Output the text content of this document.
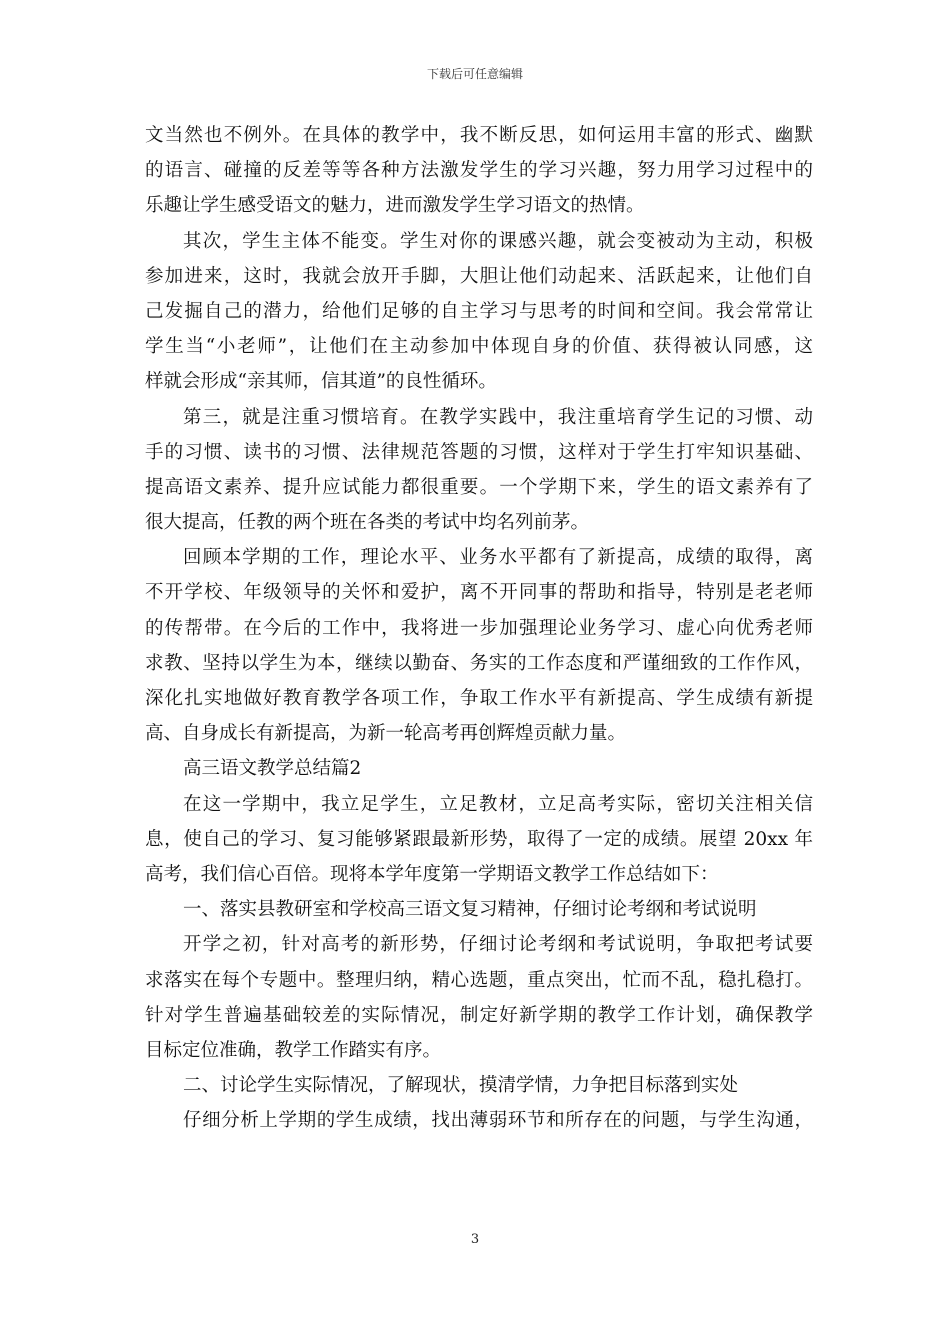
下载后可任意编辑
文当然也不例外。在具体的教学中，我不断反思，如何运用丰富的形式、幽默
的语言、碰撞的反差等等各种方法激发学生的学习兴趣，努力用学习过程中的
乐趣让学生感受语文的魅力，进而激发学生学习语文的热情。
其次，学生主体不能变。学生对你的课感兴趣，就会变被动为主动，积极
参加进来，这时，我就会放开手脚，大胆让他们动起来、活跃起来，让他们自
己发掘自己的潜力，给他们足够的自主学习与思考的时间和空间。我会常常让
学生当“小老师”，让他们在主动参加中体现自身的价值、获得被认同感，这
样就会形成“亲其师，信其道”的良性循环。
第三，就是注重习惯培育。在教学实践中，我注重培育学生记的习惯、动
手的习惯、读书的习惯、法律规范答题的习惯，这样对于学生打牢知识基础、
提高语文素养、提升应试能力都很重要。一个学期下来，学生的语文素养有了
很大提高，任教的两个班在各类的考试中均名列前茅。
回顾本学期的工作，理论水平、业务水平都有了新提高，成绩的取得，离
不开学校、年级领导的关怀和爱护，离不开同事的帮助和指导，特别是老老师
的传帮带。在今后的工作中，我将进一步加强理论业务学习、虚心向优秀老师
求教、坚持以学生为本，继续以勤奋、务实的工作态度和严谨细致的工作作风，
深化扎实地做好教育教学各项工作，争取工作水平有新提高、学生成绩有新提
高、自身成长有新提高，为新一轮高考再创辉煌贡献力量。
高三语文教学总结篇2
在这一学期中，我立足学生，立足教材，立足高考实际，密切关注相关信
息，使自己的学习、复习能够紧跟最新形势，取得了一定的成绩。展望 20xx 年
高考，我们信心百倍。现将本学年度第一学期语文教学工作总结如下：
一、落实县教研室和学校高三语文复习精神，仔细讨论考纲和考试说明
开学之初，针对高考的新形势，仔细讨论考纲和考试说明，争取把考试要
求落实在每个专题中。整理归纳，精心选题，重点突出，忙而不乱，稳扎稳打。
针对学生普遍基础较差的实际情况，制定好新学期的教学工作计划，确保教学
目标定位准确，教学工作踏实有序。
二、讨论学生实际情况，了解现状，摸清学情，力争把目标落到实处
仔细分析上学期的学生成绩，找出薄弱环节和所存在的问题，与学生沟通，
3
